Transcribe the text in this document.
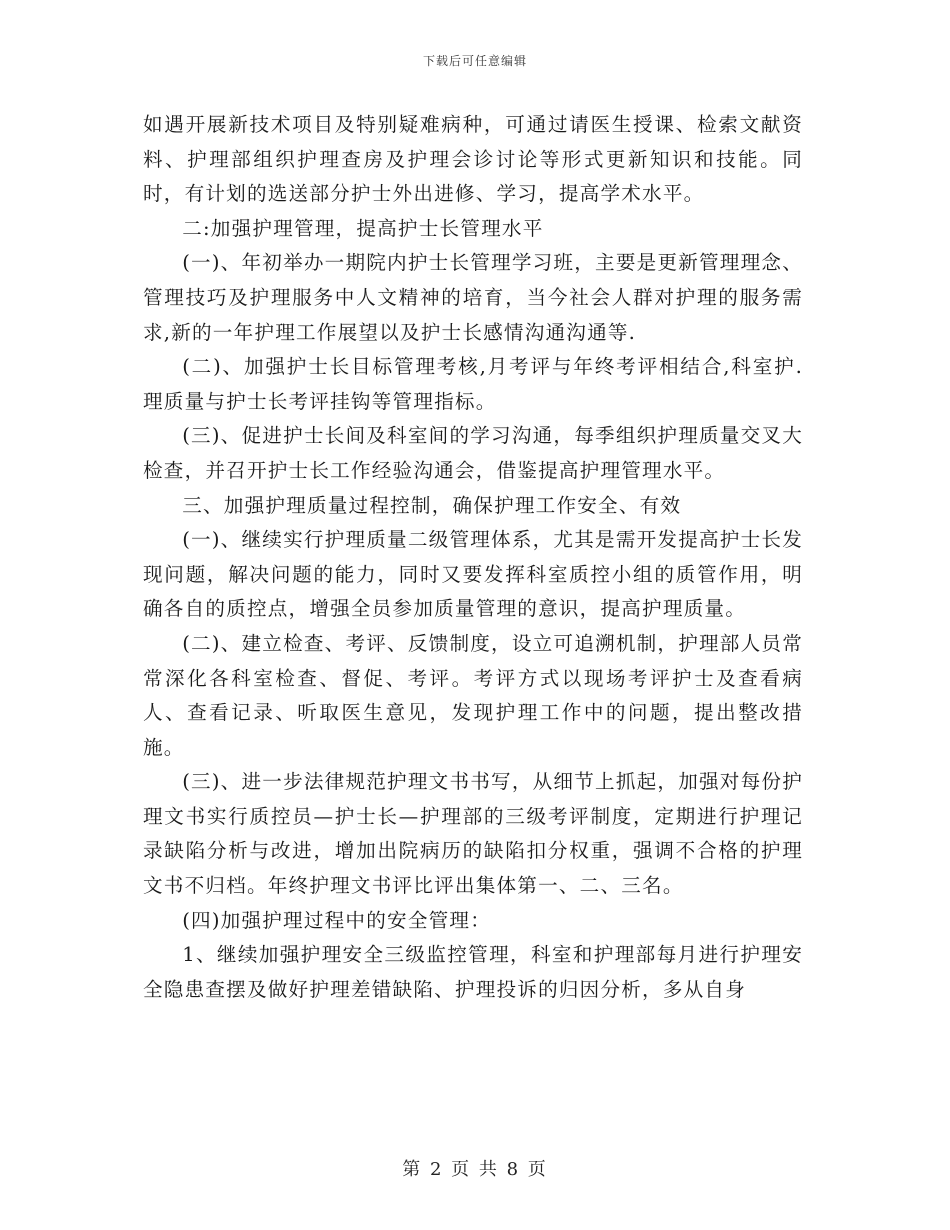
下载后可任意编辑

如遇开展新技术项目及特别疑难病种，可通过请医生授课、检索文献资料、护理部组织护理查房及护理会诊讨论等形式更新知识和技能。同时，有计划的选送部分护士外出进修、学习，提高学术水平。

二:加强护理管理，提高护士长管理水平

(一)、年初举办一期院内护士长管理学习班，主要是更新管理理念、管理技巧及护理服务中人文精神的培育，当今社会人群对护理的服务需求,新的一年护理工作展望以及护士长感情沟通沟通等.

(二)、加强护士长目标管理考核,月考评与年终考评相结合,科室护.理质量与护士长考评挂钩等管理指标。

(三)、促进护士长间及科室间的学习沟通，每季组织护理质量交叉大检查，并召开护士长工作经验沟通会，借鉴提高护理管理水平。

三、加强护理质量过程控制，确保护理工作安全、有效

(一)、继续实行护理质量二级管理体系，尤其是需开发提高护士长发现问题，解决问题的能力，同时又要发挥科室质控小组的质管作用，明确各自的质控点，增强全员参加质量管理的意识，提高护理质量。

(二)、建立检查、考评、反馈制度，设立可追溯机制，护理部人员常常深化各科室检查、督促、考评。考评方式以现场考评护士及查看病人、查看记录、听取医生意见，发现护理工作中的问题，提出整改措施。

(三)、进一步法律规范护理文书书写，从细节上抓起，加强对每份护理文书实行质控员—护士长—护理部的三级考评制度，定期进行护理记录缺陷分析与改进，增加出院病历的缺陷扣分权重，强调不合格的护理文书不归档。年终护理文书评比评出集体第一、二、三名。

(四)加强护理过程中的安全管理：

1、继续加强护理安全三级监控管理，科室和护理部每月进行护理安全隐患查摆及做好护理差错缺陷、护理投诉的归因分析，多从自身

第 2 页 共 8 页
